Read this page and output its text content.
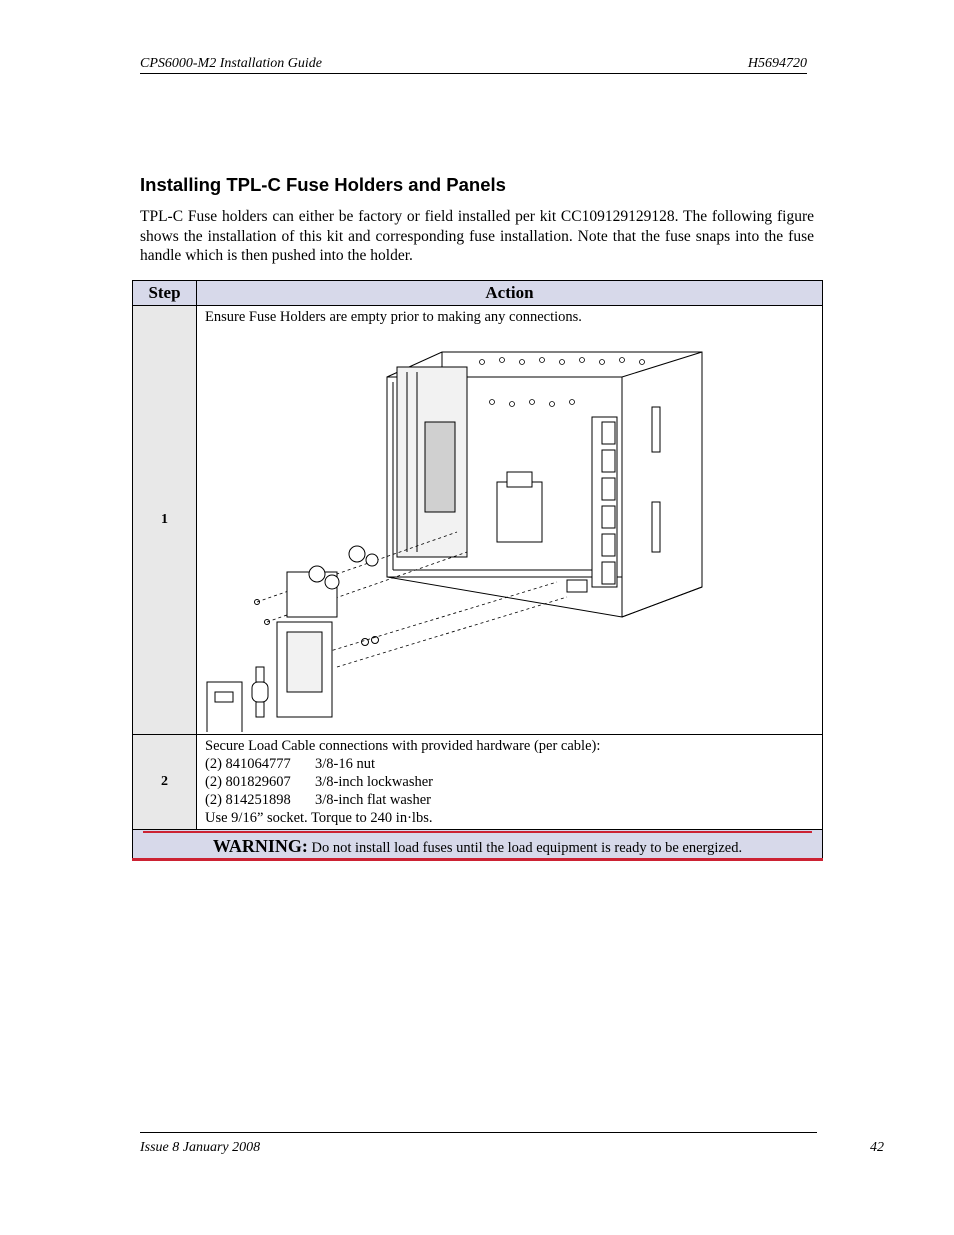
CPS6000-M2 Installation Guide	H5694720
Installing TPL-C Fuse Holders and Panels

TPL-C Fuse holders can either be factory or field installed per kit CC109129129128. The following figure shows the installation of this kit and corresponding fuse installation. Note that the fuse snaps into the fuse handle which is then pushed into the holder.

Step	Action
1	Ensure Fuse Holders are empty prior to making any connections.

2	Secure Load Cable connections with provided hardware (per cable):
(2) 841064777 3/8-16 nut
(2) 801829607 3/8-inch lockwasher
(2) 814251898 3/8-inch flat washer
Use 9/16” socket. Torque to 240 in·lbs.

WARNING: Do not install load fuses until the load equipment is ready to be energized.	
Issue 8 January 2008	42
